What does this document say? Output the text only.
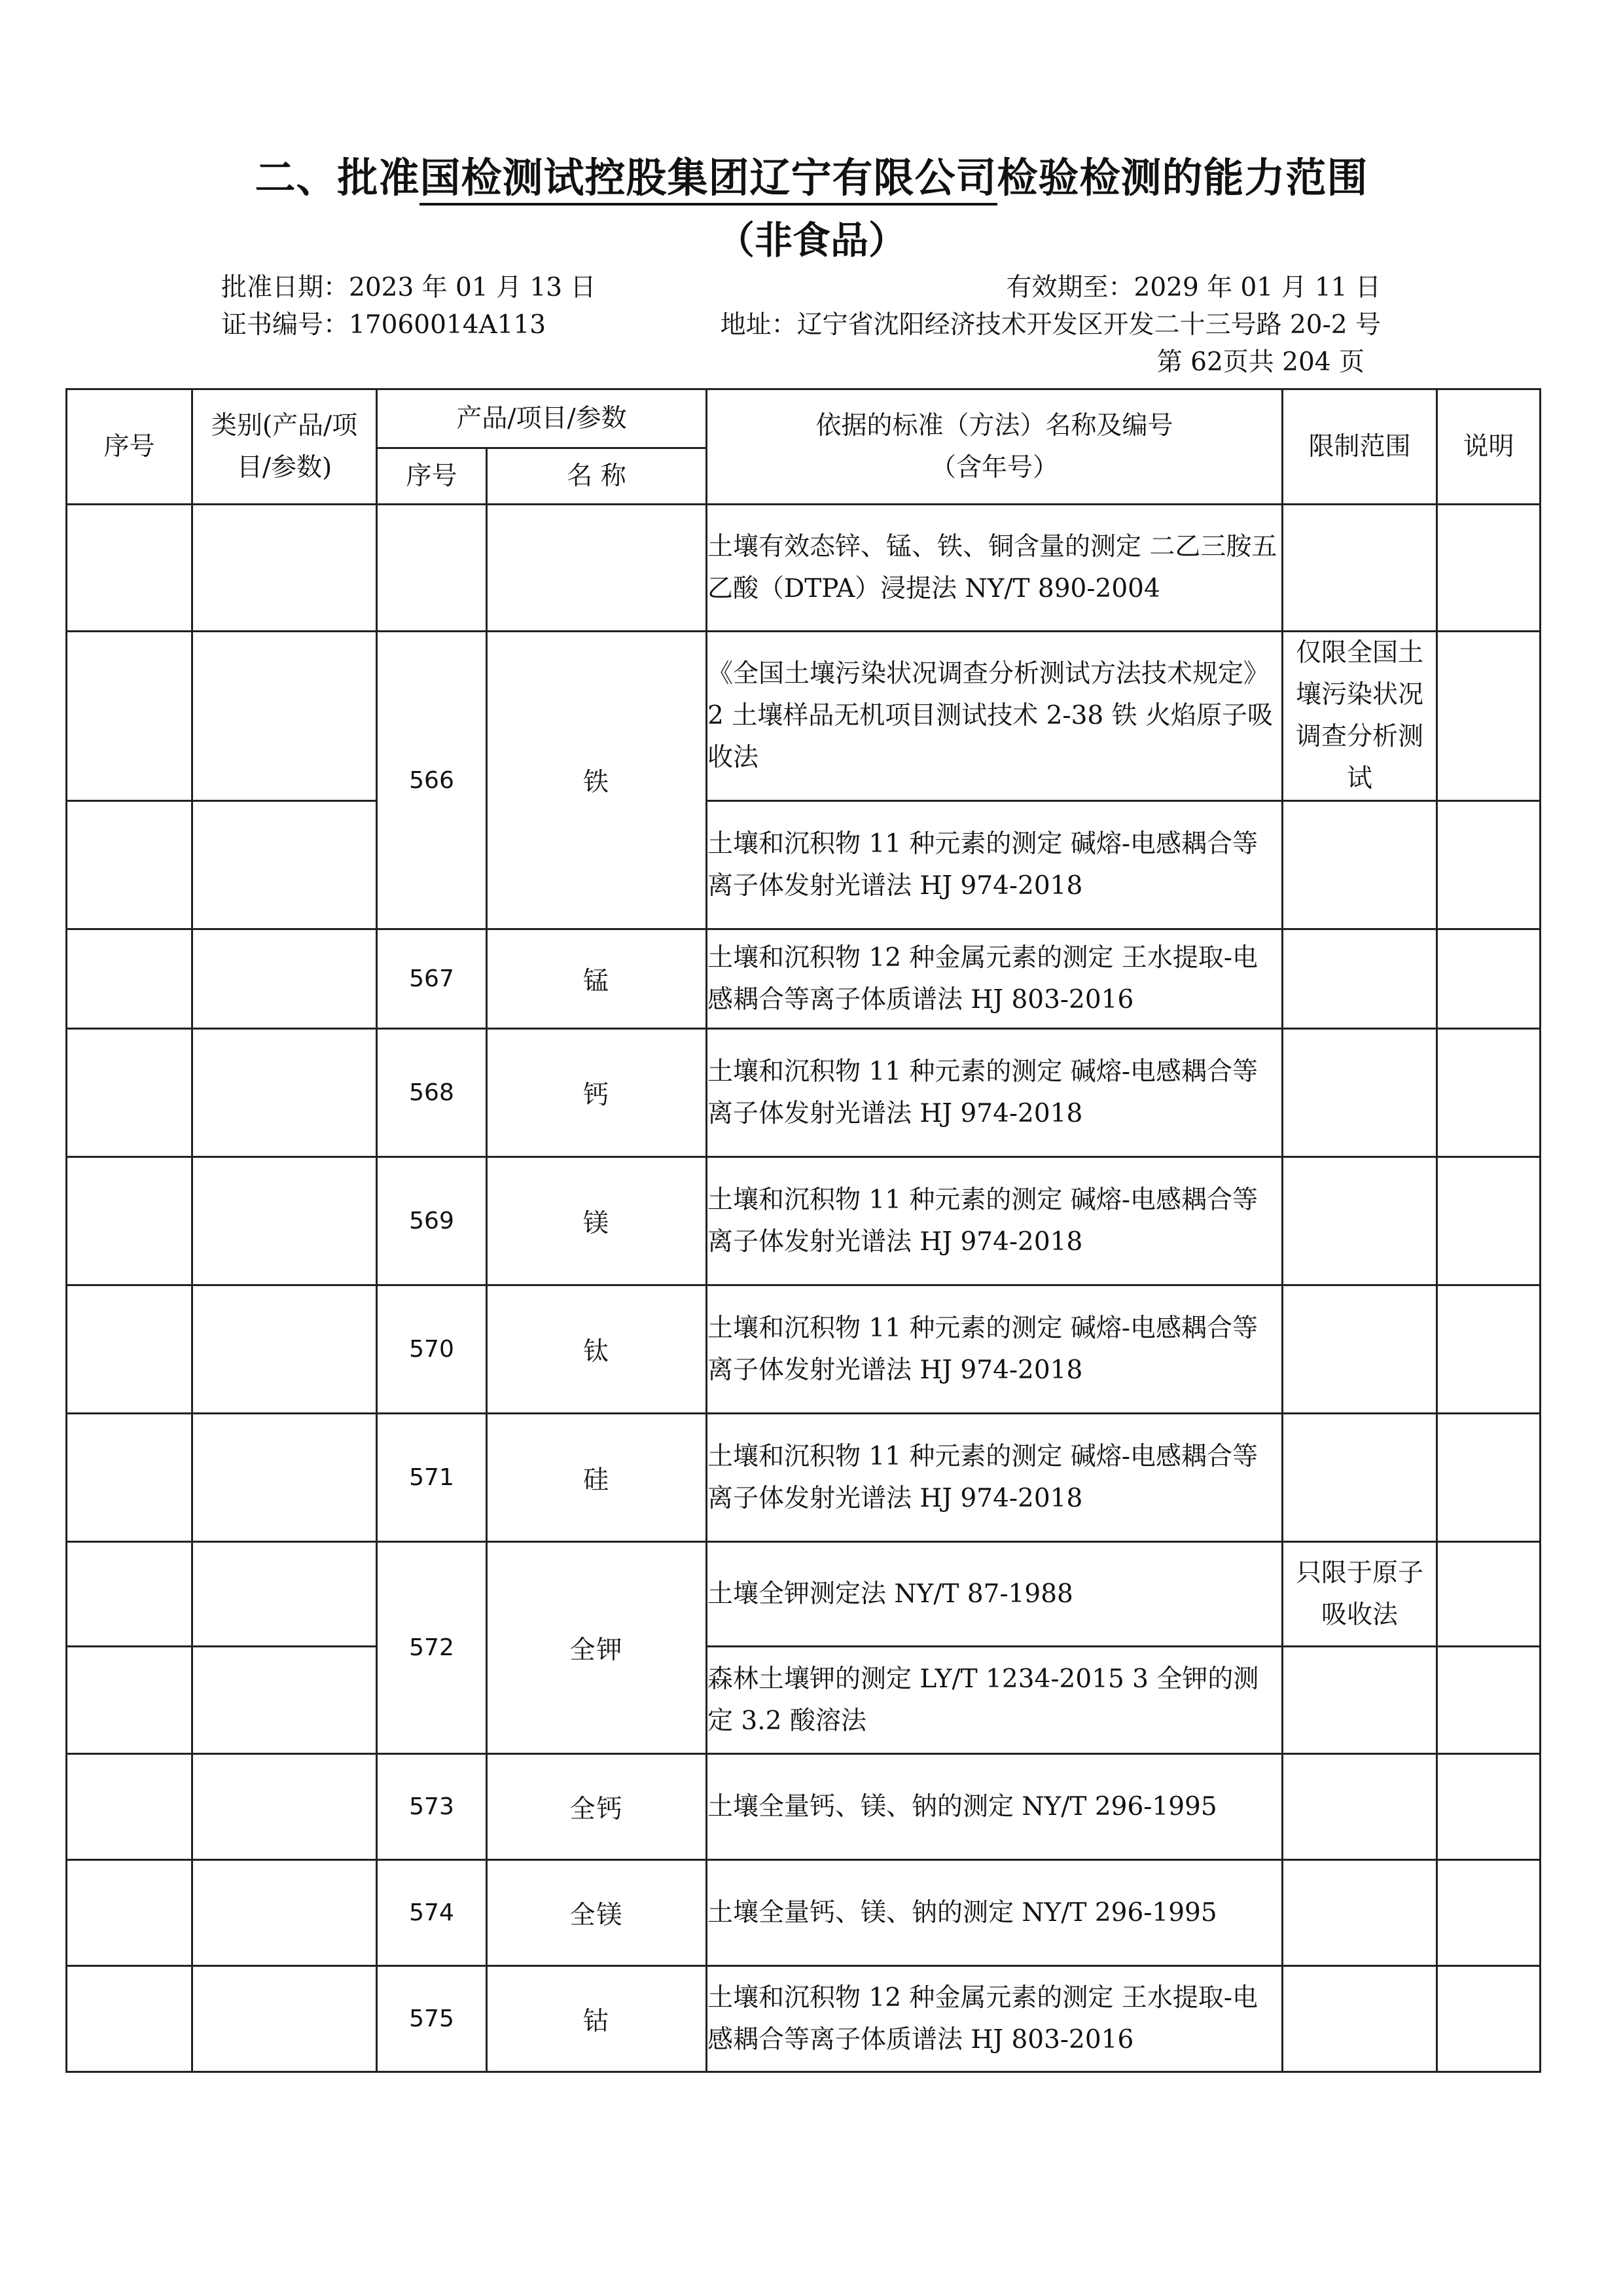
二、批准国检测试控股集团辽宁有限公司检验检测的能力范围
（非食品）
批准日期：2023 年 01 月 13 日	有效期至：2029 年 01 月 11 日
证书编号：17060014A113	地址：辽宁省沈阳经济技术开发区开发二十三号路 20-2 号
第 62页共 204 页
序号	类别(产品/项目/参数)	产品/项目/参数		依据的标准（方法）名称及编号（含年号）	限制范围	说明
		序号	名 称			
				土壤有效态锌、锰、铁、铜含量的测定 二乙三胺五乙酸（DTPA）浸提法 NY/T 890-2004		
		566	铁	《全国土壤污染状况调查分析测试方法技术规定》2 土壤样品无机项目测试技术 2-38 铁 火焰原子吸收法	仅限全国土壤污染状况调查分析测试	
				土壤和沉积物 11 种元素的测定 碱熔-电感耦合等离子体发射光谱法 HJ 974-2018		
		567	锰	土壤和沉积物 12 种金属元素的测定 王水提取-电感耦合等离子体质谱法 HJ 803-2016		
		568	钙	土壤和沉积物 11 种元素的测定 碱熔-电感耦合等离子体发射光谱法 HJ 974-2018		
		569	镁	土壤和沉积物 11 种元素的测定 碱熔-电感耦合等离子体发射光谱法 HJ 974-2018		
		570	钛	土壤和沉积物 11 种元素的测定 碱熔-电感耦合等离子体发射光谱法 HJ 974-2018		
		571	硅	土壤和沉积物 11 种元素的测定 碱熔-电感耦合等离子体发射光谱法 HJ 974-2018		
		572	全钾	土壤全钾测定法 NY/T 87-1988	只限于原子吸收法	
				森林土壤钾的测定 LY/T 1234-2015 3 全钾的测定 3.2 酸溶法		
		573	全钙	土壤全量钙、镁、钠的测定 NY/T 296-1995		
		574	全镁	土壤全量钙、镁、钠的测定 NY/T 296-1995		
		575	钴	土壤和沉积物 12 种金属元素的测定 王水提取-电感耦合等离子体质谱法 HJ 803-2016		
